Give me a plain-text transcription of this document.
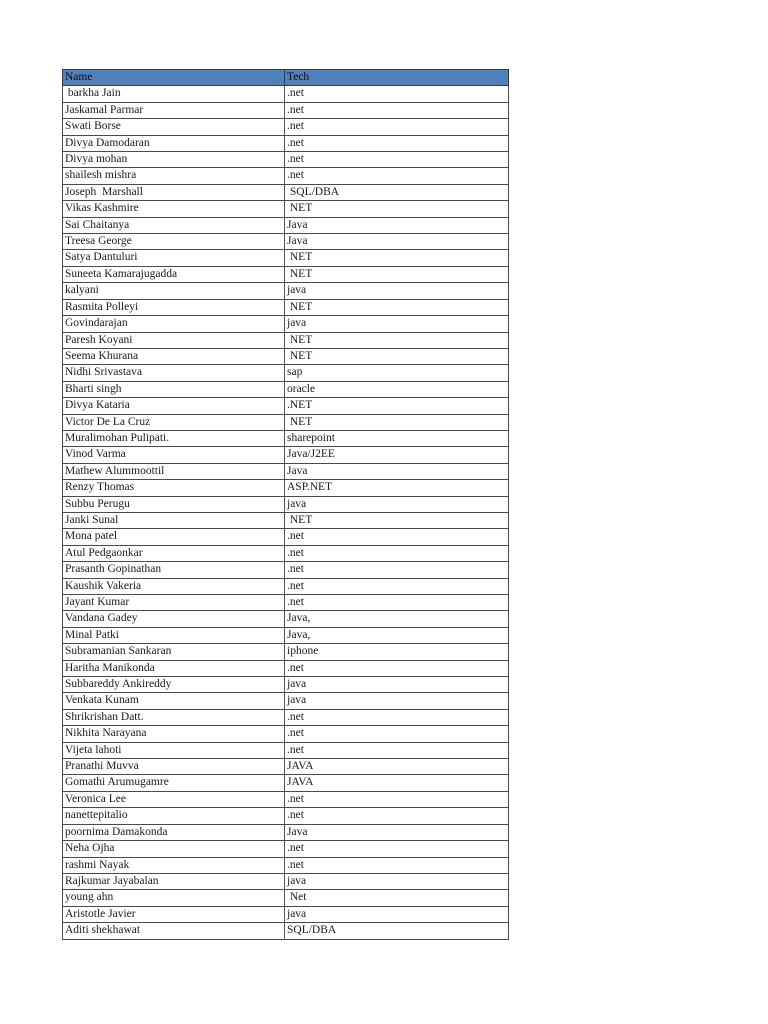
Name	Tech
barkha Jain	.net
Jaskamal Parmar	.net
Swati Borse	.net
Divya Damodaran	.net
Divya mohan	.net
shailesh mishra	.net
Joseph  Marshall	SQL/DBA
Vikas Kashmire	NET
Sai Chaitanya	Java
Treesa George	Java
Satya Dantuluri	NET
Suneeta Kamarajugadda	NET
kalyani	java
Rasmita Polleyi	NET
Govindarajan	java
Paresh Koyani	NET
Seema Khurana	NET
Nidhi Srivastava	sap
Bharti singh	oracle
Divya Kataria	.NET
Victor De La Cruz	NET
Muralimohan Pulipati.	sharepoint
Vinod Varma	Java/J2EE
Mathew Alummoottil	Java
Renzy Thomas	ASP.NET
Subbu Perugu	java
Janki Sunal	NET
Mona patel	.net
Atul Pedgaonkar	.net
Prasanth Gopinathan	.net
Kaushik Vakeria	.net
Jayant Kumar	.net
Vandana Gadey	Java,
Minal Patki	Java,
Subramanian Sankaran	iphone
Haritha Manikonda	.net
Subbareddy Ankireddy	java
Venkata Kunam	java
Shrikrishan Datt.	.net
Nikhita Narayana	.net
Vijeta lahoti	.net
Pranathi Muvva	JAVA
Gomathi Arumugamre	JAVA
Veronica Lee	.net
nanettepitalio	.net
poornima Damakonda	Java
Neha Ojha	.net
rashmi Nayak	.net
Rajkumar Jayabalan	java
young ahn	Net
Aristotle Javier	java
Aditi shekhawat	SQL/DBA
